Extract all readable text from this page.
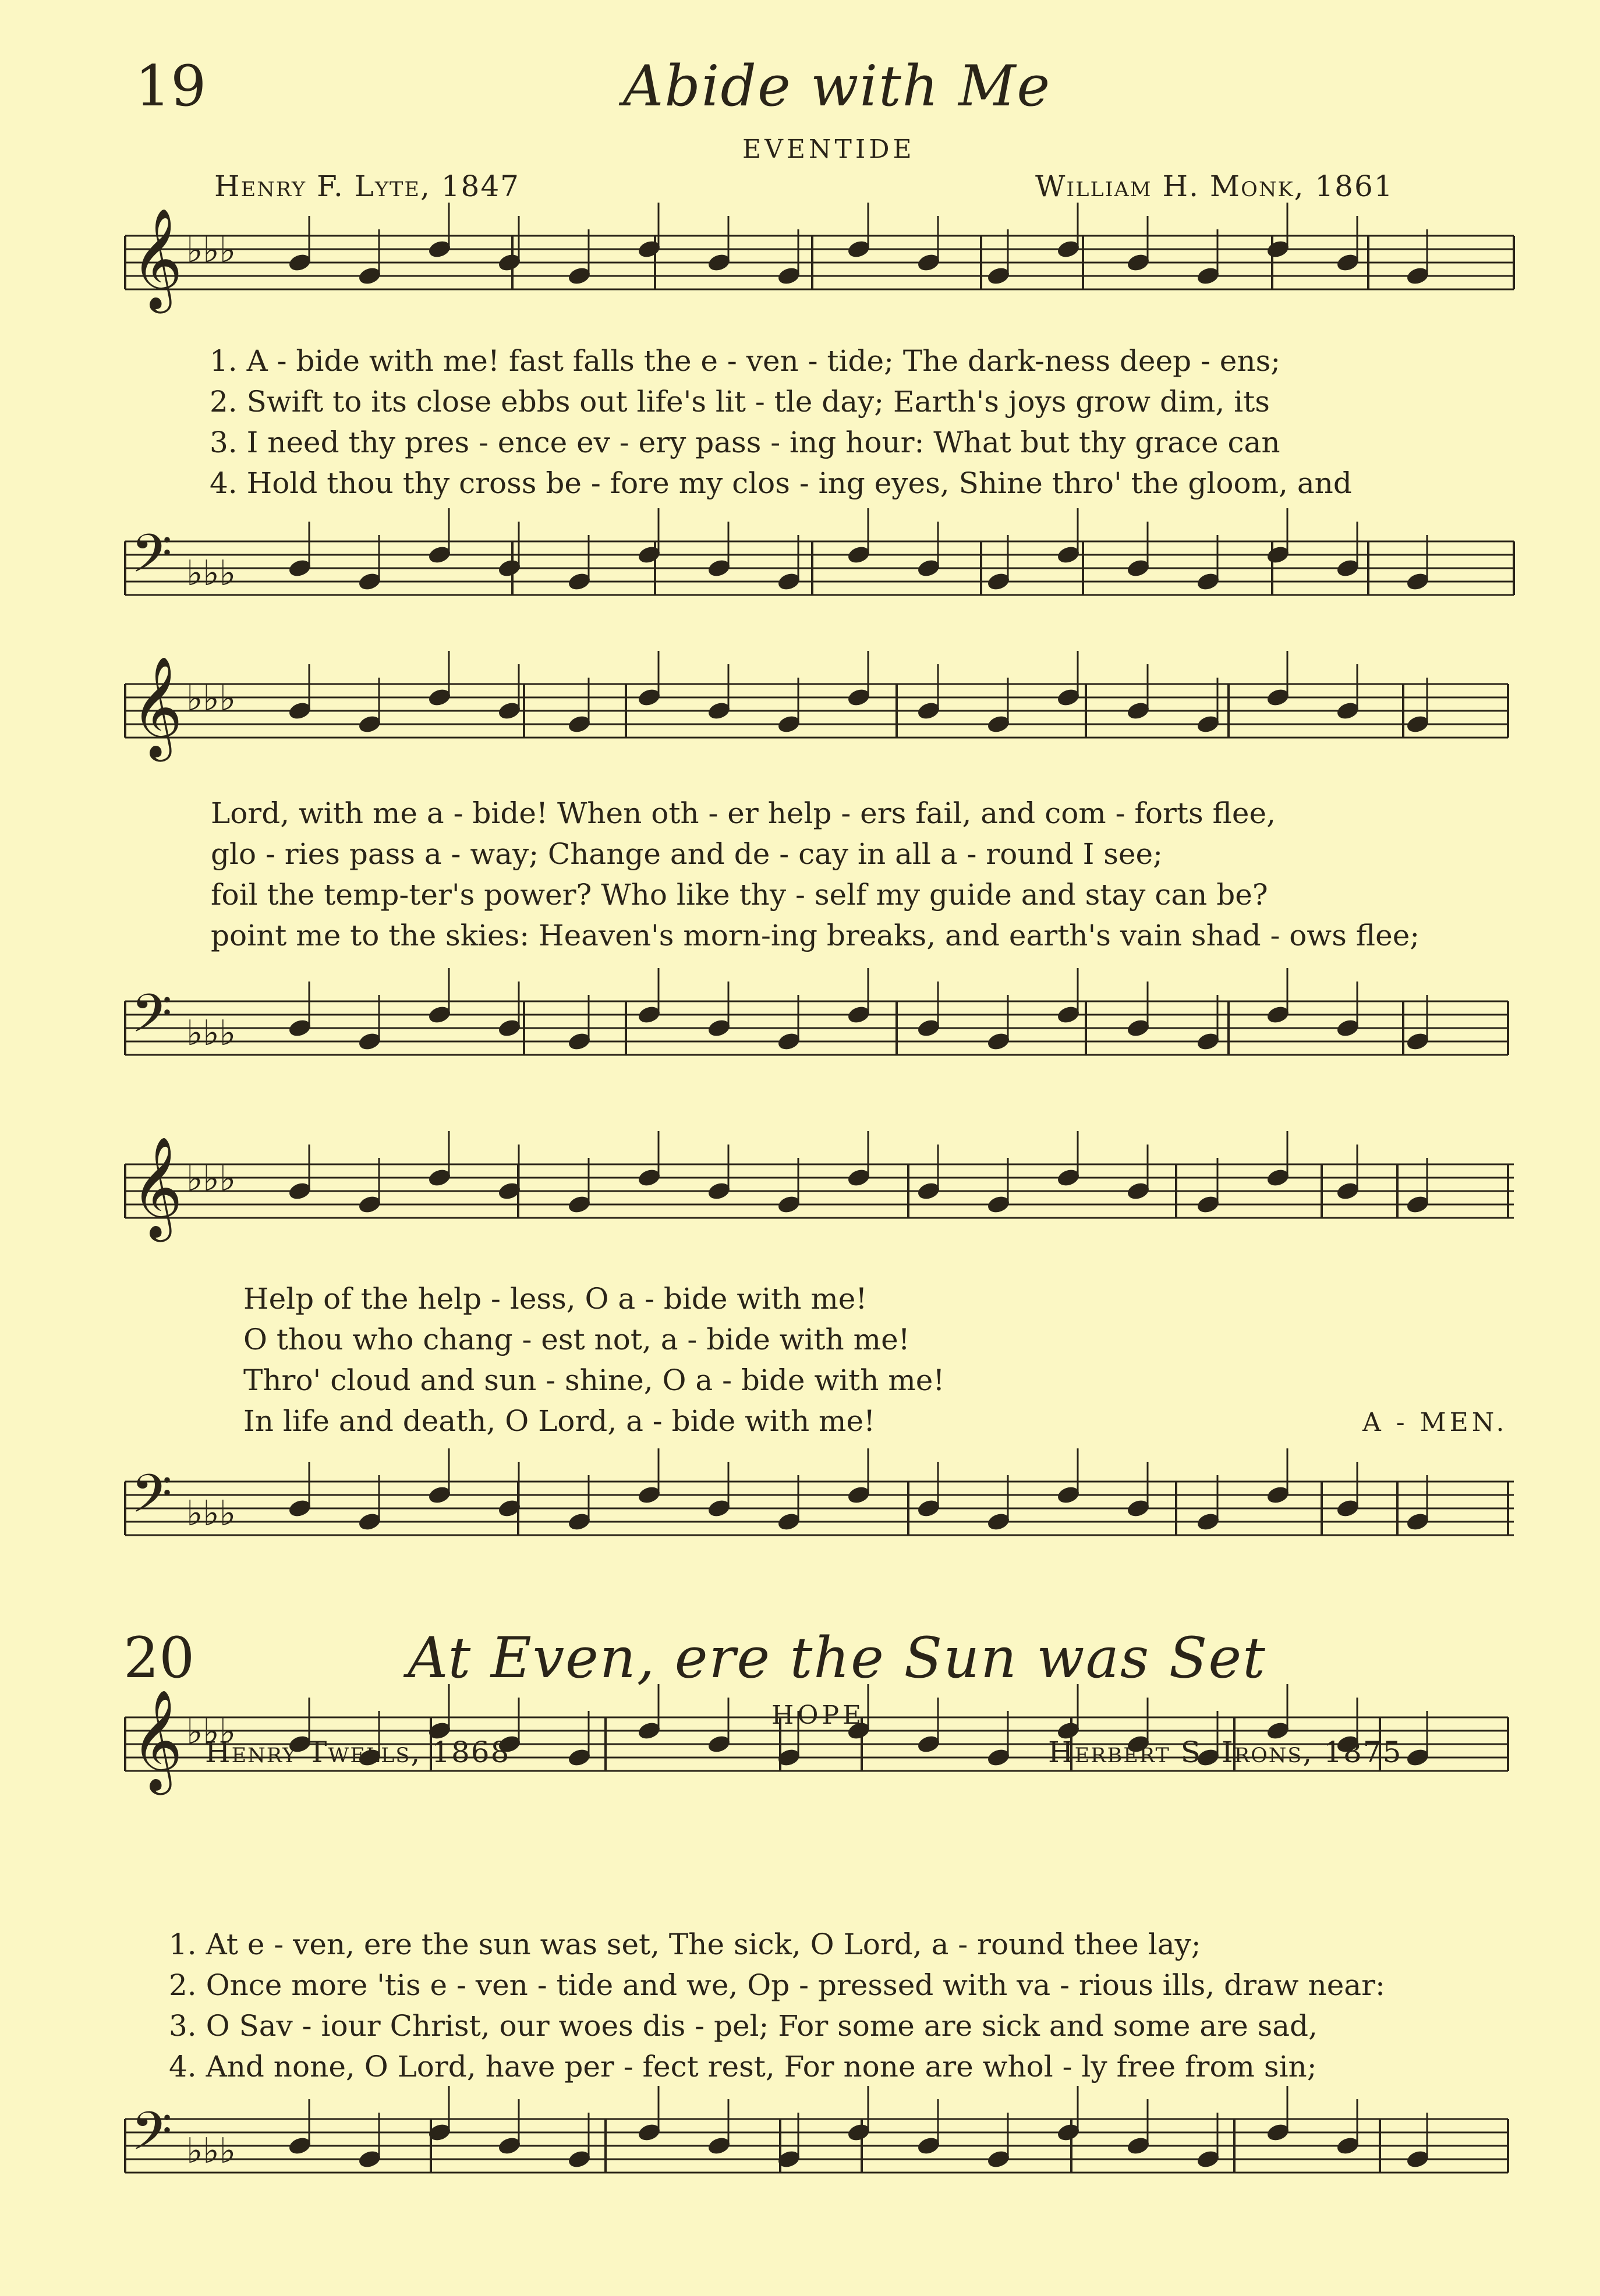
19	Abide with Me
EVENTIDE
Henry F. Lyte, 1847	William H. Monk, 1861
𝄞 ♭♭♭
𝄢 ♭♭♭
𝄞 ♭♭♭
𝄢 ♭♭♭
𝄞 ♭♭♭
𝄢 ♭♭♭
𝄞 ♭♭♭
𝄢 ♭♭♭
1. A - bide with me! fast falls the e - ven - tide; The dark-ness deep - ens;
2. Swift to its close ebbs out life's lit - tle day; Earth's joys grow dim, its
3. I need thy pres - ence ev - ery pass - ing hour: What but thy grace can
4. Hold thou thy cross be - fore my clos - ing eyes, Shine thro' the gloom, and
Lord, with me a - bide! When oth - er help - ers fail, and com - forts flee,
glo - ries pass a - way; Change and de - cay in all a - round I see;
foil the temp-ter's power? Who like thy - self my guide and stay can be?
point me to the skies: Heaven's morn-ing breaks, and earth's vain shad - ows flee;
Help of the help - less, O a - bide with me!
O thou who chang - est not, a - bide with me!
Thro' cloud and sun - shine, O a - bide with me!
In life and death, O Lord, a - bide with me!	A - MEN.
20	At Even, ere the Sun was Set
HOPE
Henry Twells, 1868	Herbert S. Irons, 1875
1. At e - ven, ere the sun was set, The sick, O Lord, a - round thee lay;
2. Once more 'tis e - ven - tide and we, Op - pressed with va - rious ills, draw near:
3. O Sav - iour Christ, our woes dis - pel; For some are sick and some are sad,
4. And none, O Lord, have per - fect rest, For none are whol - ly free from sin;
